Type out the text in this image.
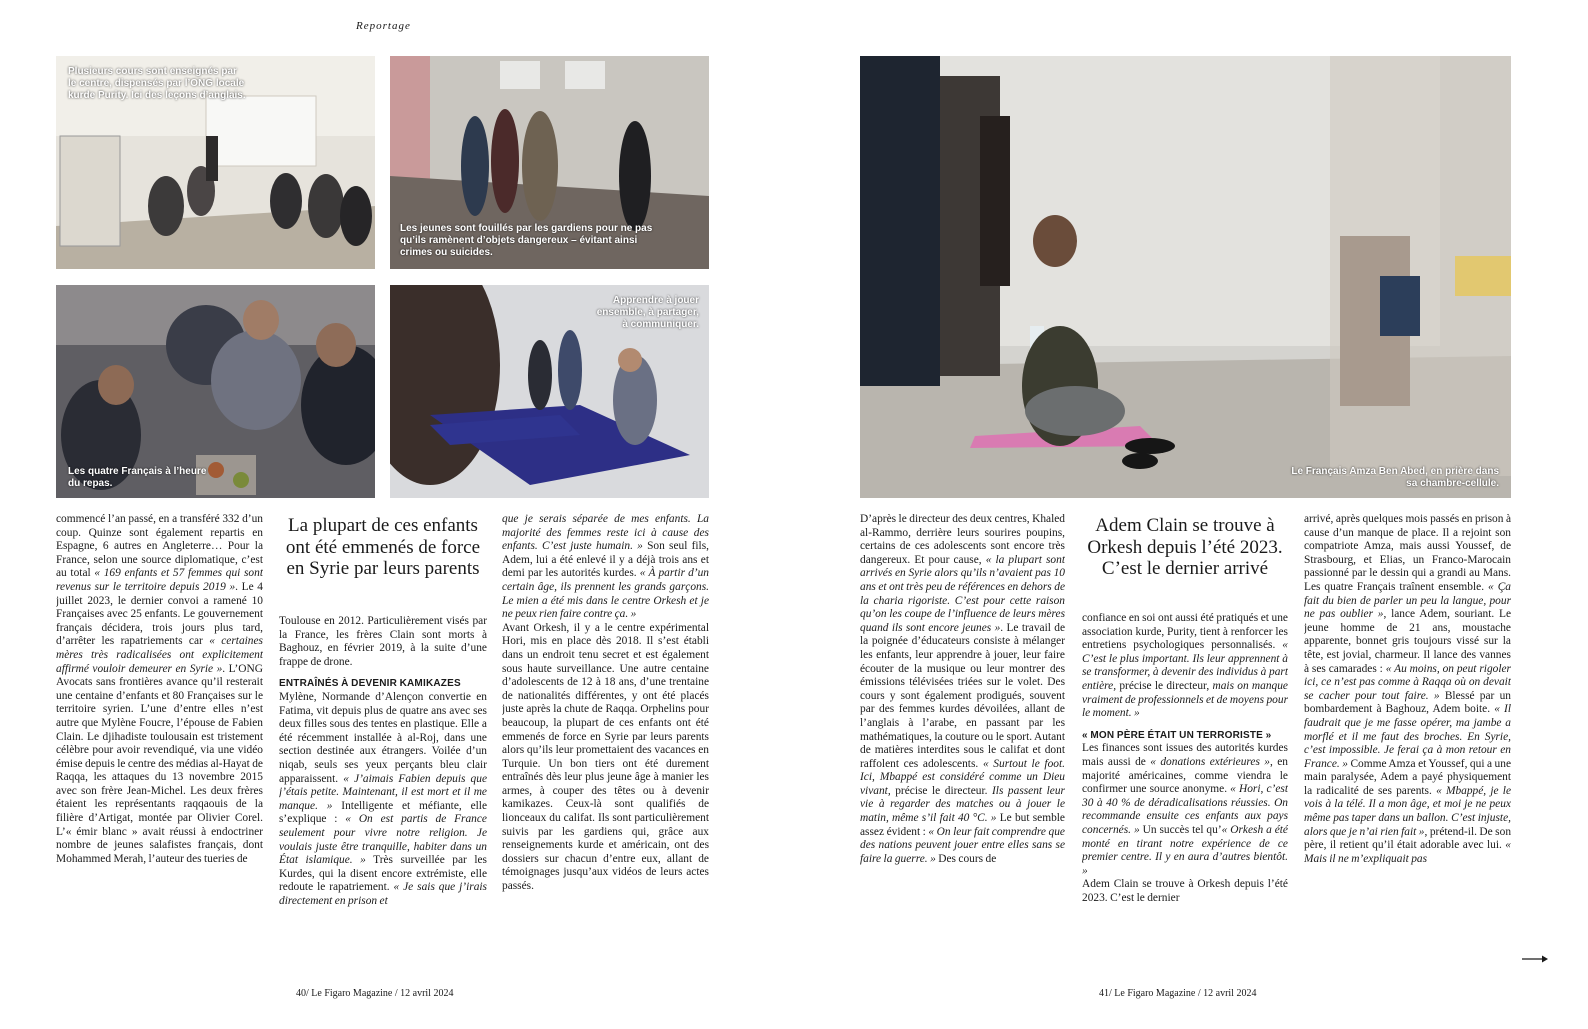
Reportage
Plusieurs cours sont enseignés par le centre, dispensés par l’ONG locale kurde Purity. Ici des leçons d’anglais.
Les jeunes sont fouillés par les gardiens pour ne pas qu’ils ramènent d’objets dangereux – évitant ainsi crimes ou suicides.
Les quatre Français à l’heure du repas.
Apprendre à jouer ensemble, à partager, à communiquer.

commencé l’an passé, en a transféré 332 d’un coup. Quinze sont également repartis en Espagne, 6 autres en Angleterre… Pour la France, selon une source diplomatique, c’est au total « 169 enfants et 57 femmes qui sont revenus sur le territoire depuis 2019 ». Le 4 juillet 2023, le dernier convoi a ramené 10 Françaises avec 25 enfants. Le gouvernement français décidera, trois jours plus tard, d’arrêter les rapatriements car « certaines mères très radicalisées ont explicitement affirmé vouloir demeurer en Syrie ». L’ONG Avocats sans frontières avance qu’il resterait une centaine d’enfants et 80 Françaises sur le territoire syrien. L’une d’entre elles n’est autre que Mylène Foucre, l’épouse de Fabien Clain. Le djihadiste toulousain est tristement célèbre pour avoir revendiqué, via une vidéo émise depuis le centre des médias al-Hayat de Raqqa, les attaques du 13 novembre 2015 avec son frère Jean-Michel. Les deux frères étaient les représentants raqqaouis de la filière d’Artigat, montée par Olivier Corel. L’« émir blanc » avait réussi à endoctriner nombre de jeunes salafistes français, dont Mohammed Merah, l’auteur des tueries de

La plupart de ces enfants ont été emmenés de force en Syrie par leurs parents

Toulouse en 2012. Particulièrement visés par la France, les frères Clain sont morts à Baghouz, en février 2019, à la suite d’une frappe de drone.

ENTRAÎNÉS À DEVENIR KAMIKAZES

Mylène, Normande d’Alençon convertie en Fatima, vit depuis plus de quatre ans avec ses deux filles sous des tentes en plastique. Elle a été récemment installée à al-Roj, dans une section destinée aux étrangers. Voilée d’un niqab, seuls ses yeux perçants bleu clair apparaissent. « J’aimais Fabien depuis que j’étais petite. Maintenant, il est mort et il me manque. » Intelligente et méfiante, elle s’explique : « On est partis de France seulement pour vivre notre religion. Je voulais juste être tranquille, habiter dans un État islamique. » Très surveillée par les Kurdes, qui la disent encore extrémiste, elle redoute le rapatriement. « Je sais que j’irais directement en prison et

que je serais séparée de mes enfants. La majorité des femmes reste ici à cause des enfants. C’est juste humain. » Son seul fils, Adem, lui a été enlevé il y a déjà trois ans et demi par les autorités kurdes. « À partir d’un certain âge, ils prennent les grands garçons. Le mien a été mis dans le centre Orkesh et je ne peux rien faire contre ça. »

Avant Orkesh, il y a le centre expérimental Hori, mis en place dès 2018. Il s’est établi dans un endroit tenu secret et est également sous haute surveillance. Une autre centaine d’adolescents de 12 à 18 ans, d’une trentaine de nationalités différentes, y ont été placés juste après la chute de Raqqa. Orphelins pour beaucoup, la plupart de ces enfants ont été emmenés de force en Syrie par leurs parents alors qu’ils leur promettaient des vacances en Turquie. Un bon tiers ont été durement entraînés dès leur plus jeune âge à manier les armes, à couper des têtes ou à devenir kamikazes. Ceux-là sont qualifiés de lionceaux du califat. Ils sont particulièrement suivis par les gardiens qui, grâce aux renseignements kurde et américain, ont des dossiers sur chacun d’entre eux, allant de témoignages jusqu’aux vidéos de leurs actes passés.

40/ Le Figaro Magazine / 12 avril 2024
Le Français Amza Ben Abed, en prière dans sa chambre-cellule.

D’après le directeur des deux centres, Khaled al-Rammo, derrière leurs sourires poupins, certains de ces adolescents sont encore très dangereux. Et pour cause, « la plupart sont arrivés en Syrie alors qu’ils n’avaient pas 10 ans et ont très peu de références en dehors de la charia rigoriste. C’est pour cette raison qu’on les coupe de l’influence de leurs mères quand ils sont encore jeunes ». Le travail de la poignée d’éducateurs consiste à mélanger les enfants, leur apprendre à jouer, leur faire écouter de la musique ou leur montrer des émissions télévisées triées sur le volet. Des cours y sont également prodigués, souvent par des femmes kurdes dévoilées, allant de l’anglais à l’arabe, en passant par les mathématiques, la couture ou le sport. Autant de matières interdites sous le califat et dont raffolent ces adolescents. « Surtout le foot. Ici, Mbappé est considéré comme un Dieu vivant, précise le directeur. Ils passent leur vie à regarder des matches ou à jouer le matin, même s’il fait 40 °C. » Le but semble assez évident : « On leur fait comprendre que des nations peuvent jouer entre elles sans se faire la guerre. » Des cours de

Adem Clain se trouve à Orkesh depuis l’été 2023. C’est le dernier arrivé

confiance en soi ont aussi été pratiqués et une association kurde, Purity, tient à renforcer les entretiens psychologiques personnalisés. « C’est le plus important. Ils leur apprennent à se transformer, à devenir des individus à part entière, précise le directeur, mais on manque vraiment de professionnels et de moyens pour le moment. »

« MON PÈRE ÉTAIT UN TERRORISTE »

Les finances sont issues des autorités kurdes mais aussi de « donations extérieures », en majorité américaines, comme viendra le confirmer une source anonyme. « Hori, c’est 30 à 40 % de déradicalisations réussies. On recommande ensuite ces enfants aux pays concernés. » Un succès tel qu’« Orkesh a été monté en tirant notre expérience de ce premier centre. Il y en aura d’autres bientôt. »

Adem Clain se trouve à Orkesh depuis l’été 2023. C’est le dernier

arrivé, après quelques mois passés en prison à cause d’un manque de place. Il a rejoint son compatriote Amza, mais aussi Youssef, de Strasbourg, et Elias, un Franco-Marocain passionné par le dessin qui a grandi au Mans. Les quatre Français traînent ensemble. « Ça fait du bien de parler un peu la langue, pour ne pas oublier », lance Adem, souriant. Le jeune homme de 21 ans, moustache apparente, bonnet gris toujours vissé sur la tête, est jovial, charmeur. Il lance des vannes à ses camarades : « Au moins, on peut rigoler ici, ce n’est pas comme à Raqqa où on devait se cacher pour tout faire. » Blessé par un bombardement à Baghouz, Adem boite. « Il faudrait que je me fasse opérer, ma jambe a morflé et il me faut des broches. En Syrie, c’est impossible. Je ferai ça à mon retour en France. » Comme Amza et Youssef, qui a une main paralysée, Adem a payé physiquement la radicalité de ses parents. « Mbappé, je le vois à la télé. Il a mon âge, et moi je ne peux même pas taper dans un ballon. C’est injuste, alors que je n’ai rien fait », prétend-il. De son père, il retient qu’il était adorable avec lui. « Mais il ne m’expliquait pas

41/ Le Figaro Magazine / 12 avril 2024
